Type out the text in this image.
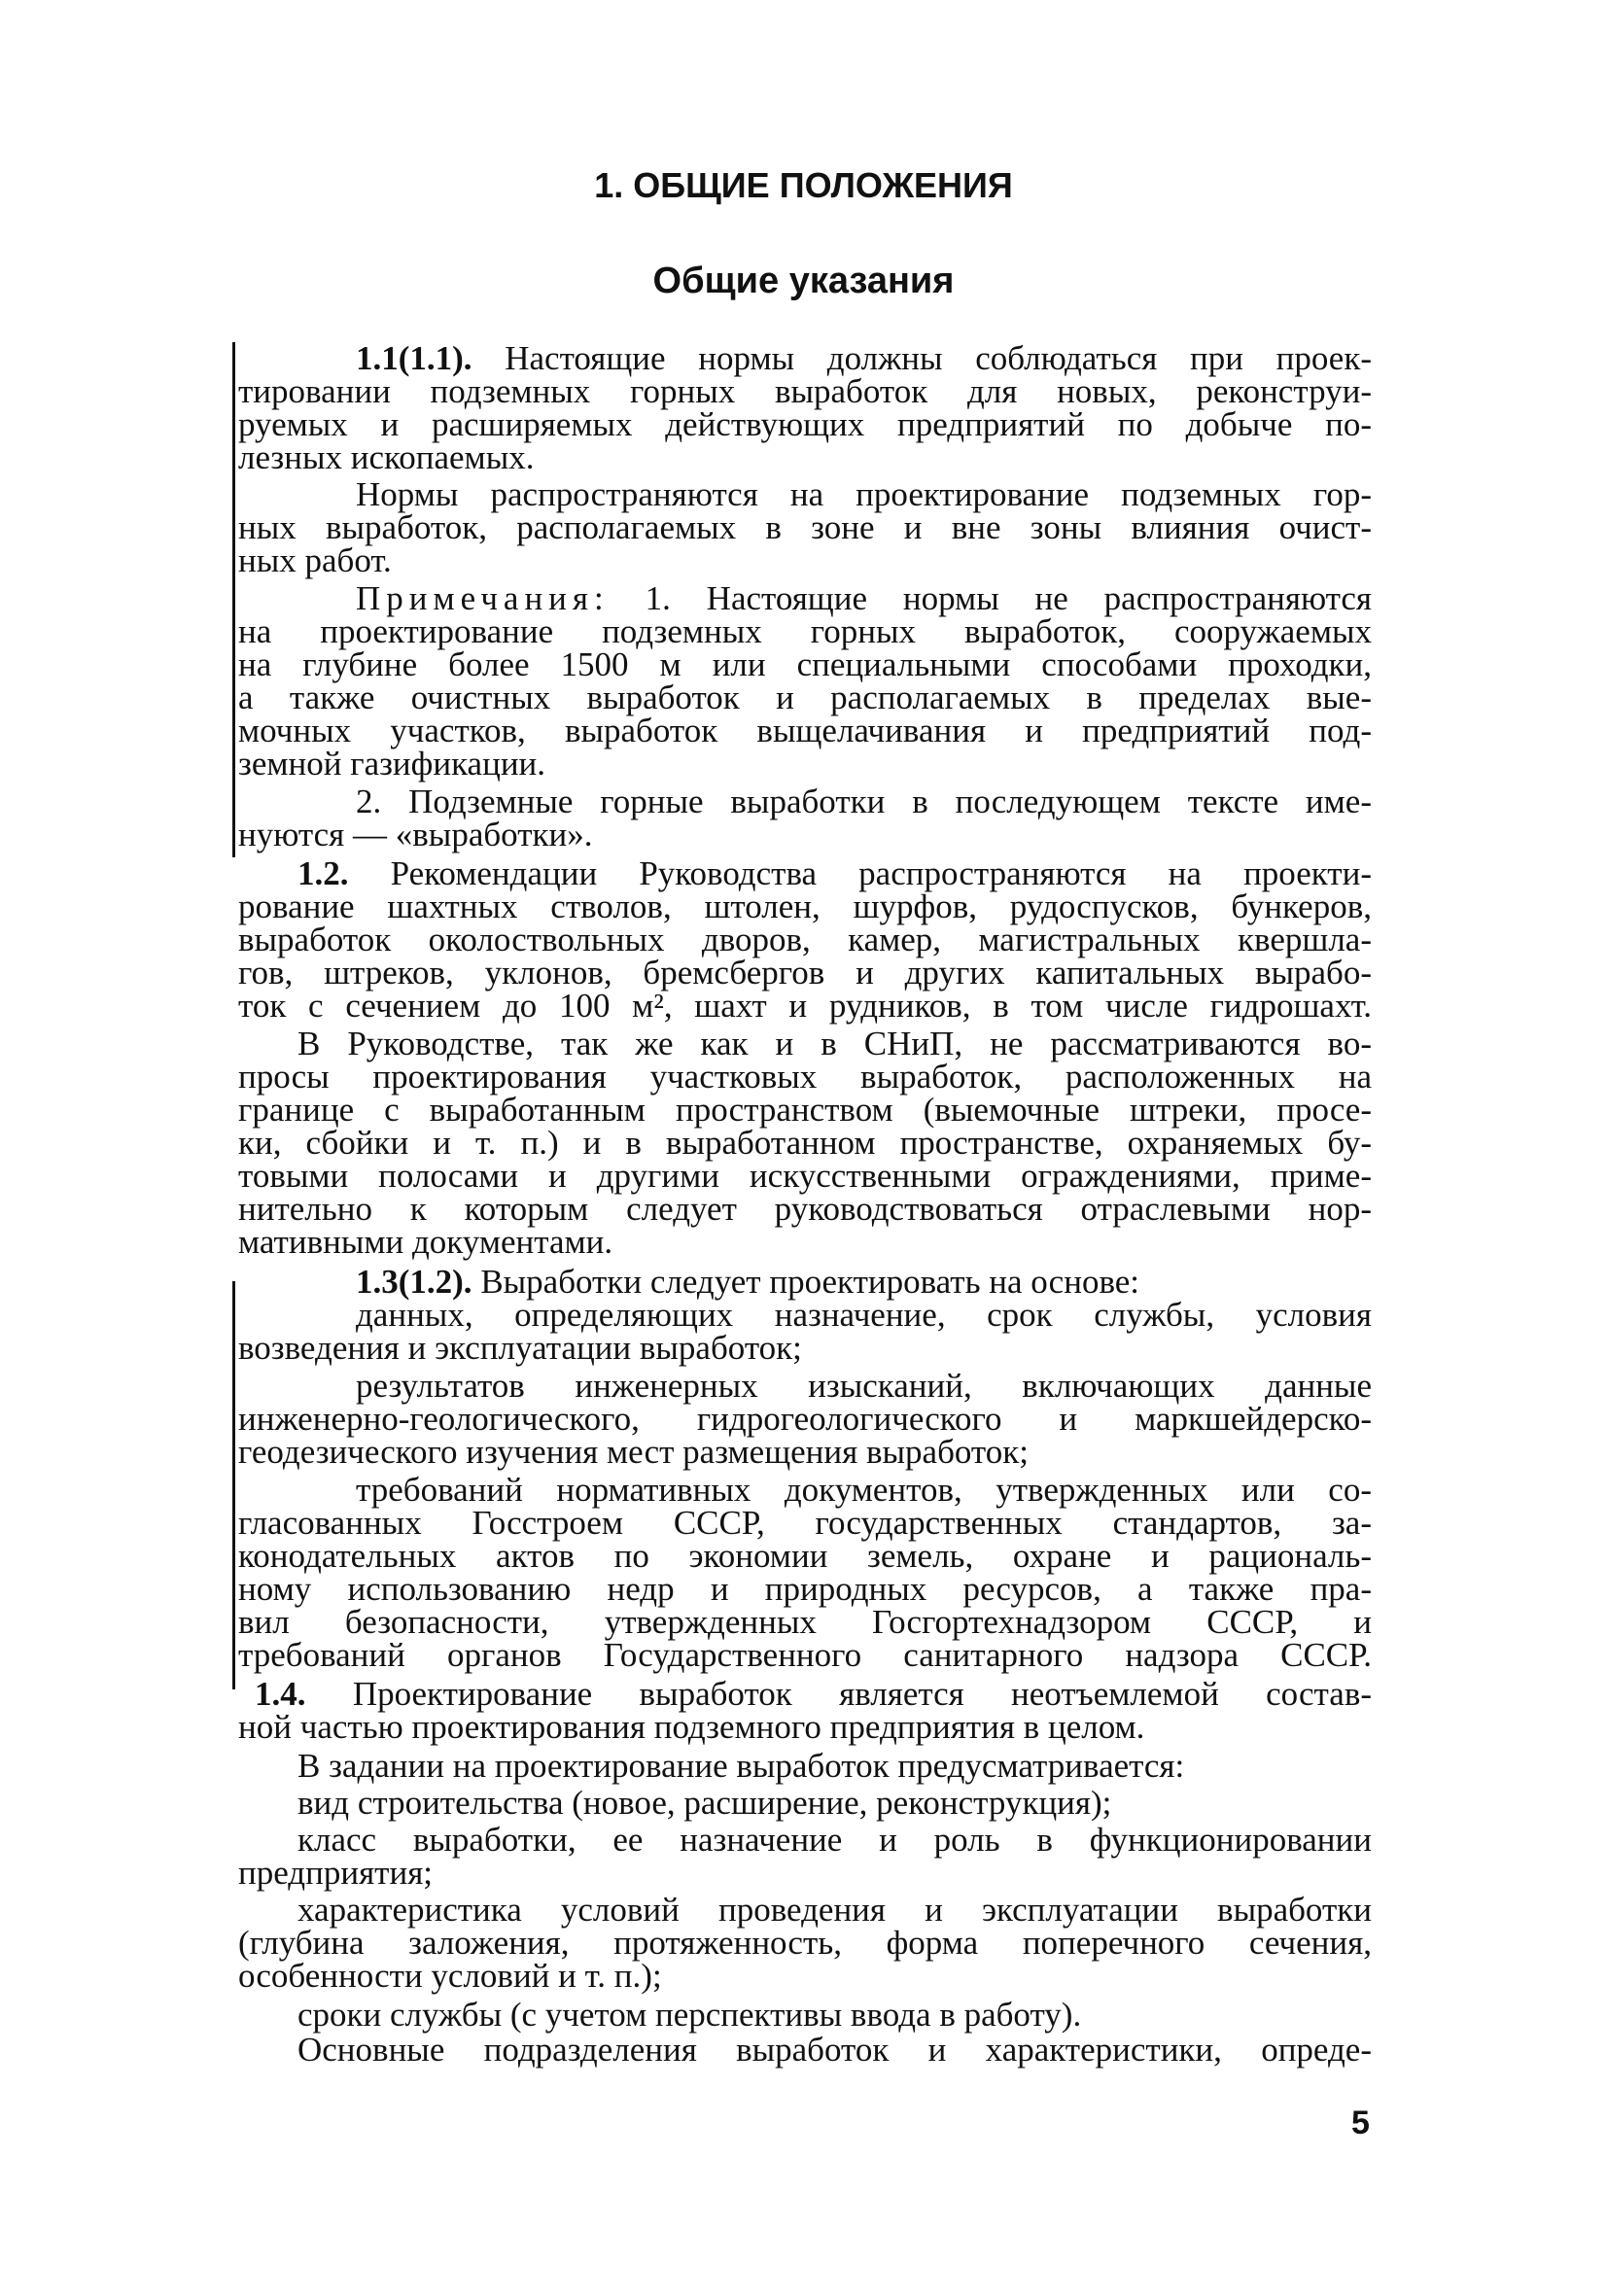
1. ОБЩИЕ ПОЛОЖЕНИЯ
Общие указания
1.1(1.1). Настоящие нормы должны соблюдаться при проек-
тировании подземных горных выработок для новых, реконструи-
руемых и расширяемых действующих предприятий по добыче по-
лезных ископаемых.
Нормы распространяются на проектирование подземных гор-
ных выработок, располагаемых в зоне и вне зоны влияния очист-
ных работ.
Примечания: 1. Настоящие нормы не распространяются
на проектирование подземных горных выработок, сооружаемых
на глубине более 1500 м или специальными способами проходки,
а также очистных выработок и располагаемых в пределах вые-
мочных участков, выработок выщелачивания и предприятий под-
земной газификации.
2. Подземные горные выработки в последующем тексте име-
нуются — «выработки».
1.2. Рекомендации Руководства распространяются на проекти-
рование шахтных стволов, штолен, шурфов, рудоспусков, бункеров,
выработок околоствольных дворов, камер, магистральных квершла-
гов, штреков, уклонов, бремсбергов и других капитальных вырабо-
ток с сечением до 100 м², шахт и рудников, в том числе гидрошахт.
В Руководстве, так же как и в СНиП, не рассматриваются во-
просы проектирования участковых выработок, расположенных на
границе с выработанным пространством (выемочные штреки, просе-
ки, сбойки и т. п.) и в выработанном пространстве, охраняемых бу-
товыми полосами и другими искусственными ограждениями, приме-
нительно к которым следует руководствоваться отраслевыми нор-
мативными документами.
1.3(1.2). Выработки следует проектировать на основе:
данных, определяющих назначение, срок службы, условия
возведения и эксплуатации выработок;
результатов инженерных изысканий, включающих данные
инженерно-геологического, гидрогеологического и маркшейдерско-
геодезического изучения мест размещения выработок;
требований нормативных документов, утвержденных или со-
гласованных Госстроем СССР, государственных стандартов, за-
конодательных актов по экономии земель, охране и рациональ-
ному использованию недр и природных ресурсов, а также пра-
вил безопасности, утвержденных Госгортехнадзором СССР, и
требований органов Государственного санитарного надзора СССР.
1.4. Проектирование выработок является неотъемлемой состав-
ной частью проектирования подземного предприятия в целом.
В задании на проектирование выработок предусматривается:
вид строительства (новое, расширение, реконструкция);
класс выработки, ее назначение и роль в функционировании
предприятия;
характеристика условий проведения и эксплуатации выработки
(глубина заложения, протяженность, форма поперечного сечения,
особенности условий и т. п.);
сроки службы (с учетом перспективы ввода в работу).
Основные подразделения выработок и характеристики, опреде-
5
